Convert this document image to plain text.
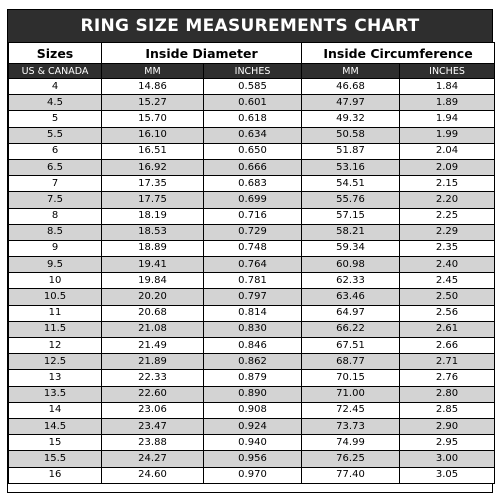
RING SIZE MEASUREMENTS CHART
Sizes	Inside Diameter		Inside Circumference	
US & CANADA	MM	INCHES	MM	INCHES
4	14.86	0.585	46.68	1.84
4.5	15.27	0.601	47.97	1.89
5	15.70	0.618	49.32	1.94
5.5	16.10	0.634	50.58	1.99
6	16.51	0.650	51.87	2.04
6.5	16.92	0.666	53.16	2.09
7	17.35	0.683	54.51	2.15
7.5	17.75	0.699	55.76	2.20
8	18.19	0.716	57.15	2.25
8.5	18.53	0.729	58.21	2.29
9	18.89	0.748	59.34	2.35
9.5	19.41	0.764	60.98	2.40
10	19.84	0.781	62.33	2.45
10.5	20.20	0.797	63.46	2.50
11	20.68	0.814	64.97	2.56
11.5	21.08	0.830	66.22	2.61
12	21.49	0.846	67.51	2.66
12.5	21.89	0.862	68.77	2.71
13	22.33	0.879	70.15	2.76
13.5	22.60	0.890	71.00	2.80
14	23.06	0.908	72.45	2.85
14.5	23.47	0.924	73.73	2.90
15	23.88	0.940	74.99	2.95
15.5	24.27	0.956	76.25	3.00
16	24.60	0.970	77.40	3.05
